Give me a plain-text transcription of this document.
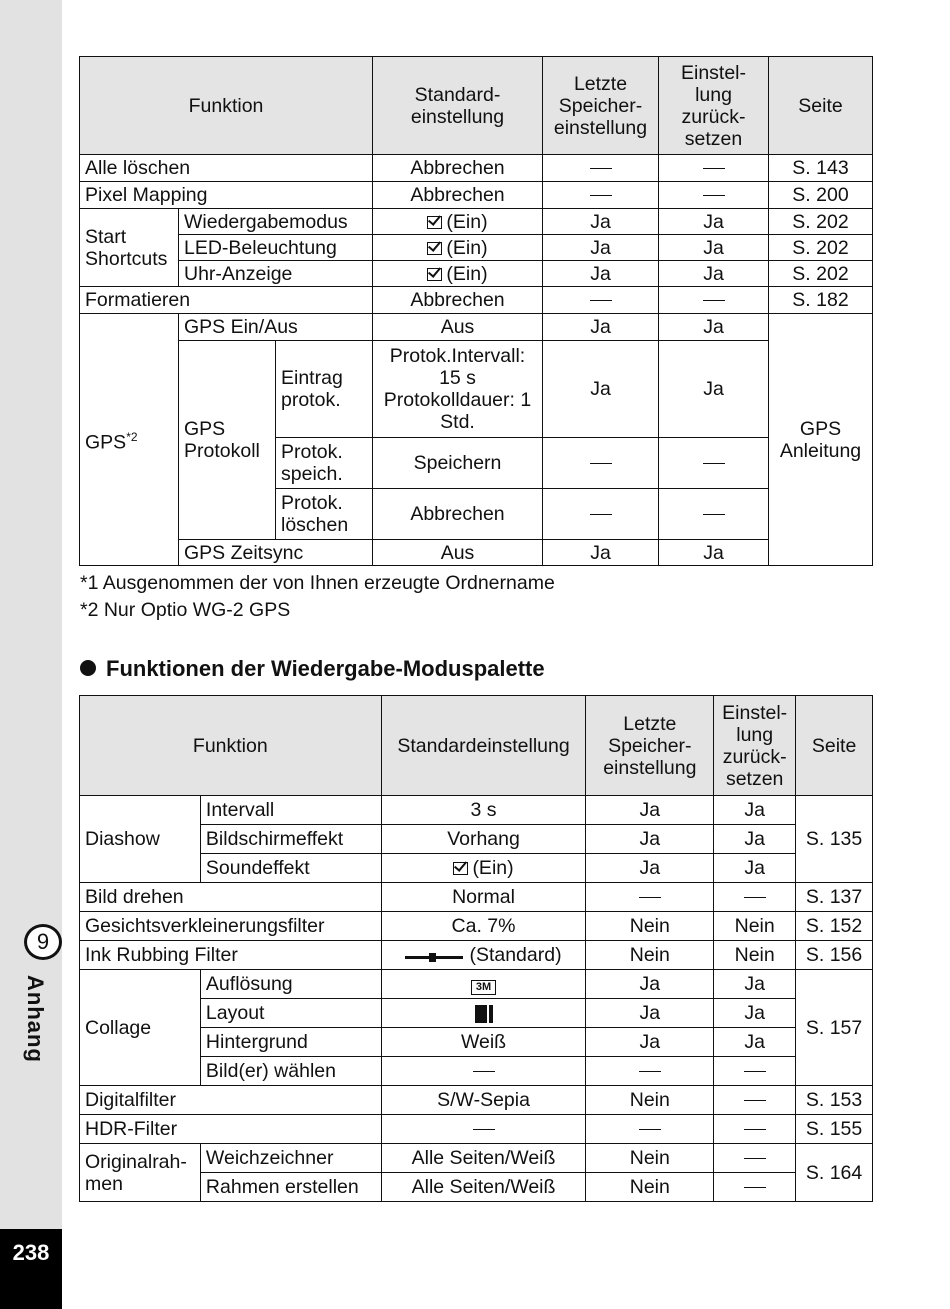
9
Anhang
238
Funktion			Standard-einstellung	Letzte Speicher-einstellung	Einstel-lung zurück-setzen	Seite
Alle löschen			Abbrechen			S. 143
Pixel Mapping			Abbrechen			S. 200
Start Shortcuts	Wiedergabemodus		(Ein)	Ja	Ja	S. 202
	LED-Beleuchtung		(Ein)	Ja	Ja	S. 202
	Uhr-Anzeige		(Ein)	Ja	Ja	S. 202
Formatieren			Abbrechen			S. 182
GPS$^{*2}$	GPS Ein/Aus		Aus	Ja	Ja	GPS Anleitung
	GPS Protokoll	Eintrag protok.	Protok.Intervall: 15 s Protokolldauer: 1 Std.	Ja	Ja	
		Protok. speich.	Speichern			
		Protok. löschen	Abbrechen			
	GPS Zeitsync		Aus	Ja	Ja	
*1 Ausgenommen der von Ihnen erzeugte Ordnername
*2 Nur Optio WG-2 GPS
Funktionen der Wiedergabe-Moduspalette
Funktion		Standardeinstellung	Letzte Speicher-einstellung	Einstel-lung zurück-setzen	Seite
Diashow	Intervall	3 s	Ja	Ja	S. 135
	Bildschirmeffekt	Vorhang	Ja	Ja	
	Soundeffekt	(Ein)	Ja	Ja	
Bild drehen		Normal			S. 137
Gesichtsverkleinerungsfilter		Ca. 7%	Nein	Nein	S. 152
Ink Rubbing Filter		(Standard)	Nein	Nein	S. 156
Collage	Auflösung	3M	Ja	Ja	S. 157
	Layout		Ja	Ja	
	Hintergrund	Weiß	Ja	Ja	
	Bild(er) wählen				
Digitalfilter		S/W-Sepia	Nein		S. 153
HDR-Filter					S. 155
Originalrah-men	Weichzeichner	Alle Seiten/Weiß	Nein		S. 164
	Rahmen erstellen	Alle Seiten/Weiß	Nein		
